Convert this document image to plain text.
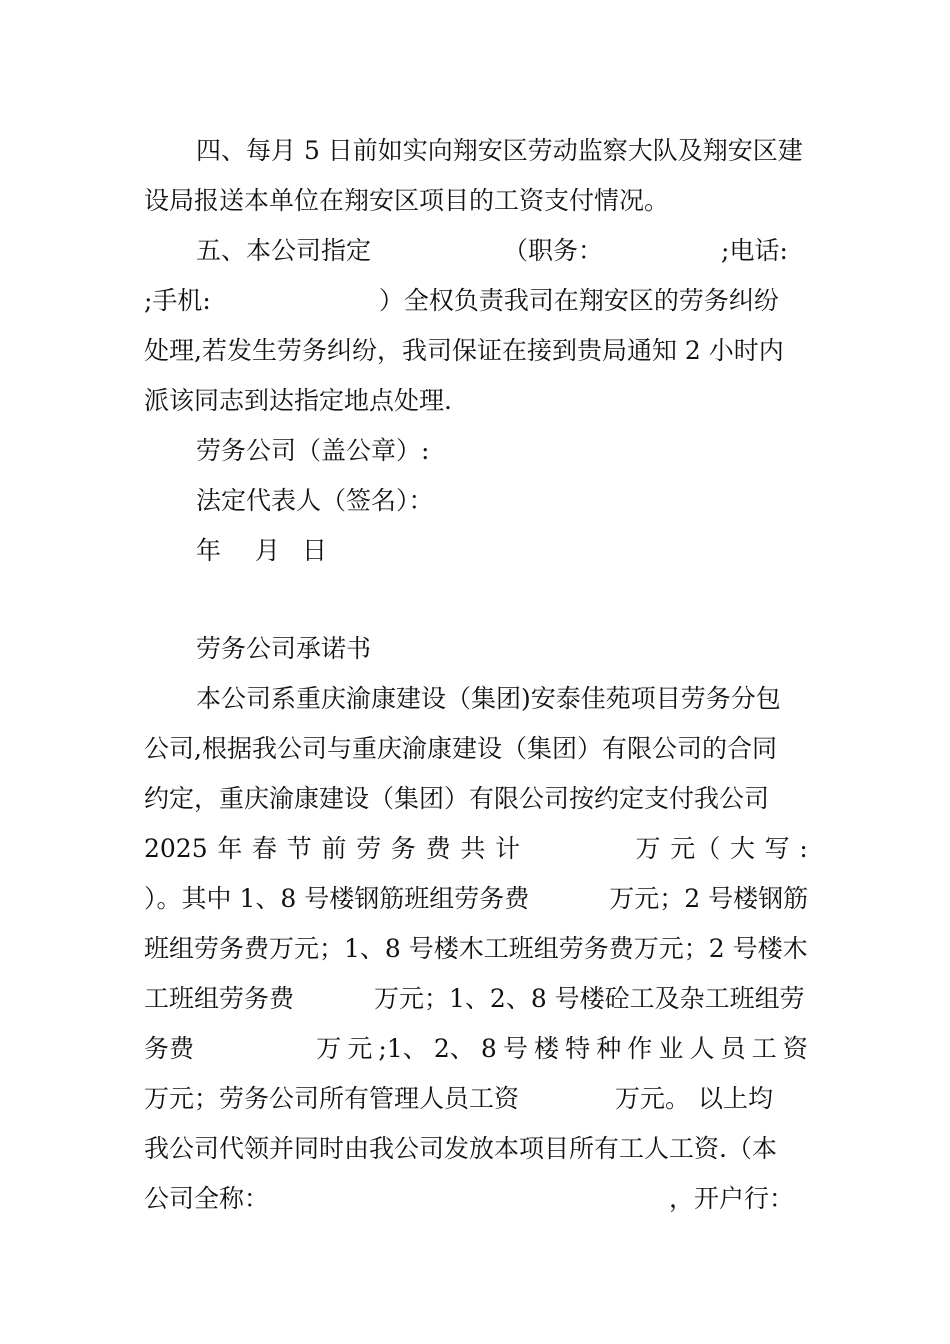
四、每月 5 日前如实向翔安区劳动监察大队及翔安区建
设局报送本单位在翔安区项目的工资支付情况。
五、本公司指定	（职务：	;电话:
;手机:	）全权负责我司在翔安区的劳务纠纷
处理,若发生劳务纠纷，我司保证在接到贵局通知 2 小时内
派该同志到达指定地点处理.
劳务公司（盖公章）:
法定代表人（签名）：
年 月 日
劳务公司承诺书
本公司系重庆渝康建设（集团)安泰佳苑项目劳务分包
公司,根据我公司与重庆渝康建设（集团）有限公司的合同
约定，重庆渝康建设（集团）有限公司按约定支付我公司
2025 年 春 节 前 劳 务 费 共 计	万 元（ 大 写 :
）。其中 1、8 号楼钢筋班组劳务费	万元；2 号楼钢筋
班组劳务费万元；1、8 号楼木工班组劳务费万元；2 号楼木
工班组劳务费	万元；1、2、8 号楼砼工及杂工班组劳
务费	万 元 ;1、 2、 8 号 楼 特 种 作 业 人 员 工 资
万元；劳务公司所有管理人员工资	万元。 以上均
我公司代领并同时由我公司发放本项目所有工人工资.（本
公司全称：	，开户行：
